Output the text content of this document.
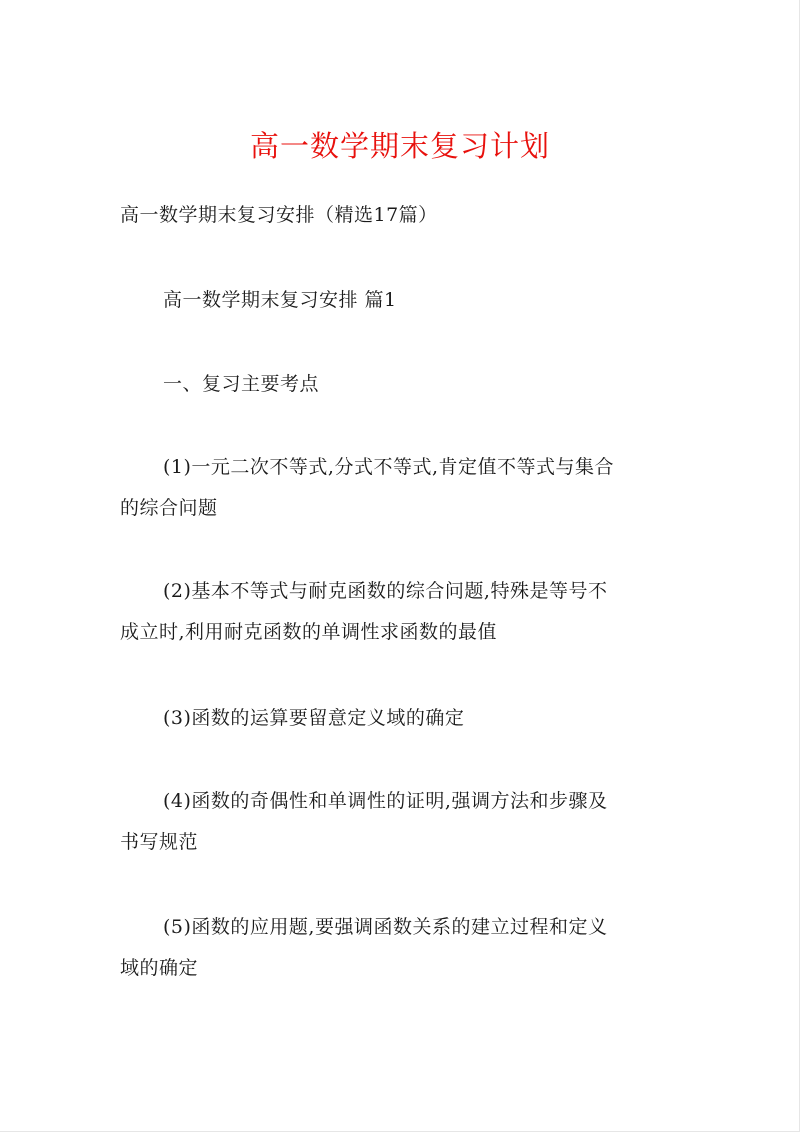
高一数学期末复习计划
高一数学期末复习安排（精选17篇）
高一数学期末复习安排 篇1
一、复习主要考点
(1)一元二次不等式,分式不等式,肯定值不等式与集合
的综合问题
(2)基本不等式与耐克函数的综合问题,特殊是等号不
成立时,利用耐克函数的单调性求函数的最值
(3)函数的运算要留意定义域的确定
(4)函数的奇偶性和单调性的证明,强调方法和步骤及
书写规范
(5)函数的应用题,要强调函数关系的建立过程和定义
域的确定
